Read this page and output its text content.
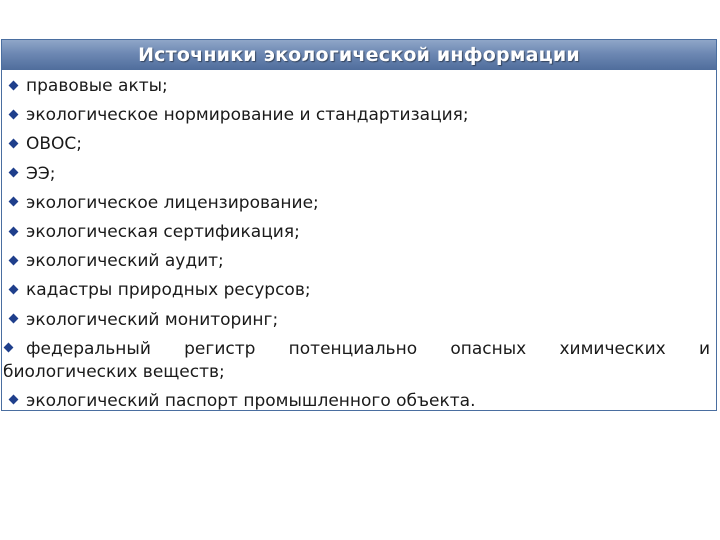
Источники экологической информации
правовые акты;
экологическое нормирование и стандартизация;
ОВОС;
ЭЭ;
экологическое лицензирование;
экологическая сертификация;
экологический аудит;
кадастры природных ресурсов;
экологический мониторинг;
федеральный регистр потенциально опасных химических и биологических веществ;
экологический паспорт промышленного объекта.
